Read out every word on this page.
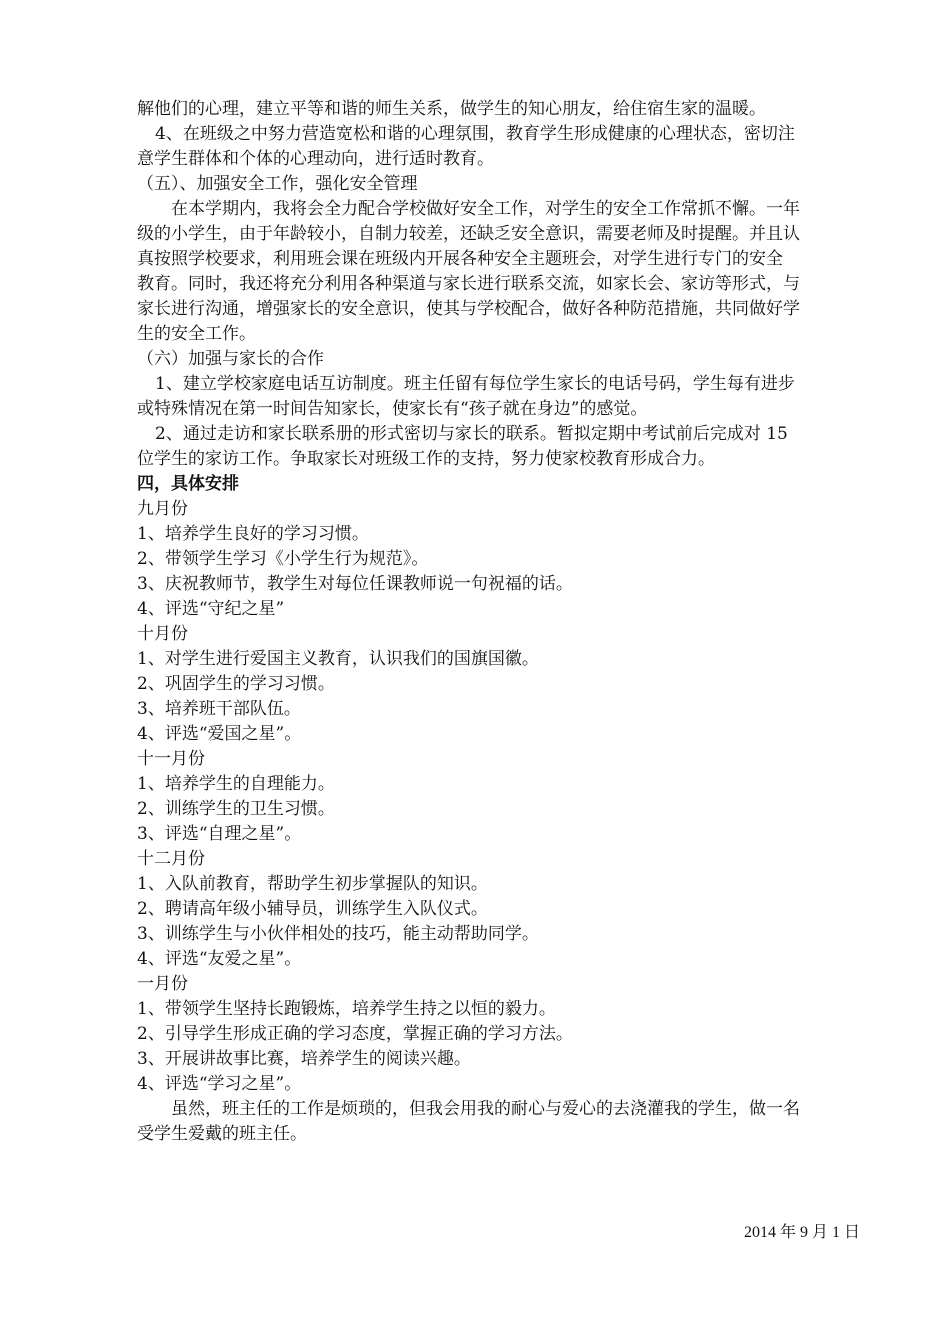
解他们的心理，建立平等和谐的师生关系，做学生的知心朋友，给住宿生家的温暖。
4、在班级之中努力营造宽松和谐的心理氛围，教育学生形成健康的心理状态，密切注
意学生群体和个体的心理动向，进行适时教育。
（五）、加强安全工作，强化安全管理
在本学期内，我将会全力配合学校做好安全工作，对学生的安全工作常抓不懈。一年
级的小学生，由于年龄较小，自制力较差，还缺乏安全意识，需要老师及时提醒。并且认
真按照学校要求，利用班会课在班级内开展各种安全主题班会，对学生进行专门的安全
教育。同时，我还将充分利用各种渠道与家长进行联系交流，如家长会、家访等形式，与
家长进行沟通，增强家长的安全意识，使其与学校配合，做好各种防范措施，共同做好学
生的安全工作。
（六）加强与家长的合作
1、建立学校家庭电话互访制度。班主任留有每位学生家长的电话号码，学生每有进步
或特殊情况在第一时间告知家长，使家长有“孩子就在身边”的感觉。
2、通过走访和家长联系册的形式密切与家长的联系。暂拟定期中考试前后完成对 15
位学生的家访工作。争取家长对班级工作的支持，努力使家校教育形成合力。
四，具体安排
九月份
1、培养学生良好的学习习惯。
2、带领学生学习《小学生行为规范》。
3、庆祝教师节，教学生对每位任课教师说一句祝福的话。
4、评选“守纪之星”
十月份
1、对学生进行爱国主义教育，认识我们的国旗国徽。
2、巩固学生的学习习惯。
3、培养班干部队伍。
4、评选“爱国之星”。
十一月份
1、培养学生的自理能力。
2、训练学生的卫生习惯。
3、评选“自理之星”。
十二月份
1、入队前教育，帮助学生初步掌握队的知识。
2、聘请高年级小辅导员，训练学生入队仪式。
3、训练学生与小伙伴相处的技巧，能主动帮助同学。
4、评选“友爱之星”。
一月份
1、带领学生坚持长跑锻炼，培养学生持之以恒的毅力。
2、引导学生形成正确的学习态度，掌握正确的学习方法。
3、开展讲故事比赛，培养学生的阅读兴趣。
4、评选“学习之星”。
虽然，班主任的工作是烦琐的，但我会用我的耐心与爱心的去浇灌我的学生，做一名
受学生爱戴的班主任。
2014 年 9 月 1 日
